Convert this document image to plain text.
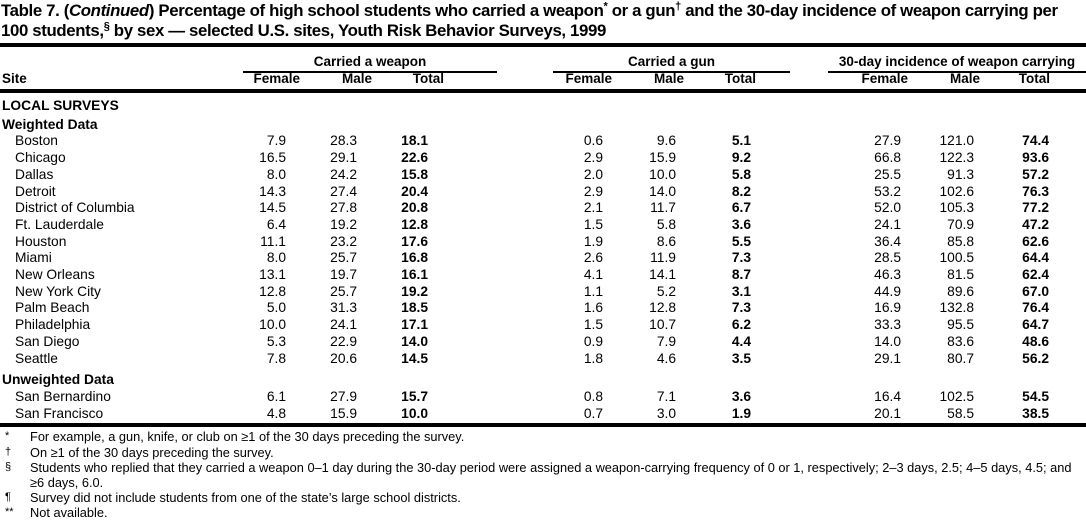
Table 7. (Continued) Percentage of high school students who carried a weapon* or a gun† and the 30-day incidence of weapon carrying per 100 students,§ by sex — selected U.S. sites, Youth Risk Behavior Surveys, 1999
Site
Carried a weapon	Carried a gun	30-day incidence of weapon carrying
Female	Male	Total	Female	Male	Total	Female	Male	Total
LOCAL SURVEYS										
Weighted Data										
Boston	7.9	28.3	18.1	0.6	9.6	5.1	27.9	121.0	74.4	
Chicago	16.5	29.1	22.6	2.9	15.9	9.2	66.8	122.3	93.6	
Dallas	8.0	24.2	15.8	2.0	10.0	5.8	25.5	91.3	57.2	
Detroit	14.3	27.4	20.4	2.9	14.0	8.2	53.2	102.6	76.3	
District of Columbia	14.5	27.8	20.8	2.1	11.7	6.7	52.0	105.3	77.2	
Ft. Lauderdale	6.4	19.2	12.8	1.5	5.8	3.6	24.1	70.9	47.2	
Houston	11.1	23.2	17.6	1.9	8.6	5.5	36.4	85.8	62.6	
Miami	8.0	25.7	16.8	2.6	11.9	7.3	28.5	100.5	64.4	
New Orleans	13.1	19.7	16.1	4.1	14.1	8.7	46.3	81.5	62.4	
New York City	12.8	25.7	19.2	1.1	5.2	3.1	44.9	89.6	67.0	
Palm Beach	5.0	31.3	18.5	1.6	12.8	7.3	16.9	132.8	76.4	
Philadelphia	10.0	24.1	17.1	1.5	10.7	6.2	33.3	95.5	64.7	
San Diego	5.3	22.9	14.0	0.9	7.9	4.4	14.0	83.6	48.6	
Seattle	7.8	20.6	14.5	1.8	4.6	3.5	29.1	80.7	56.2	
Unweighted Data										
San Bernardino	6.1	27.9	15.7	0.8	7.1	3.6	16.4	102.5	54.5	
San Francisco	4.8	15.9	10.0	0.7	3.0	1.9	20.1	58.5	38.5	
* For example, a gun, knife, or club on ≥1 of the 30 days preceding the survey.
† On ≥1 of the 30 days preceding the survey.
§ Students who replied that they carried a weapon 0–1 day during the 30-day period were assigned a weapon-carrying frequency of 0 or 1, respectively; 2–3 days, 2.5; 4–5 days, 4.5; and ≥6 days, 6.0.
¶ Survey did not include students from one of the state’s large school districts.
** Not available.
